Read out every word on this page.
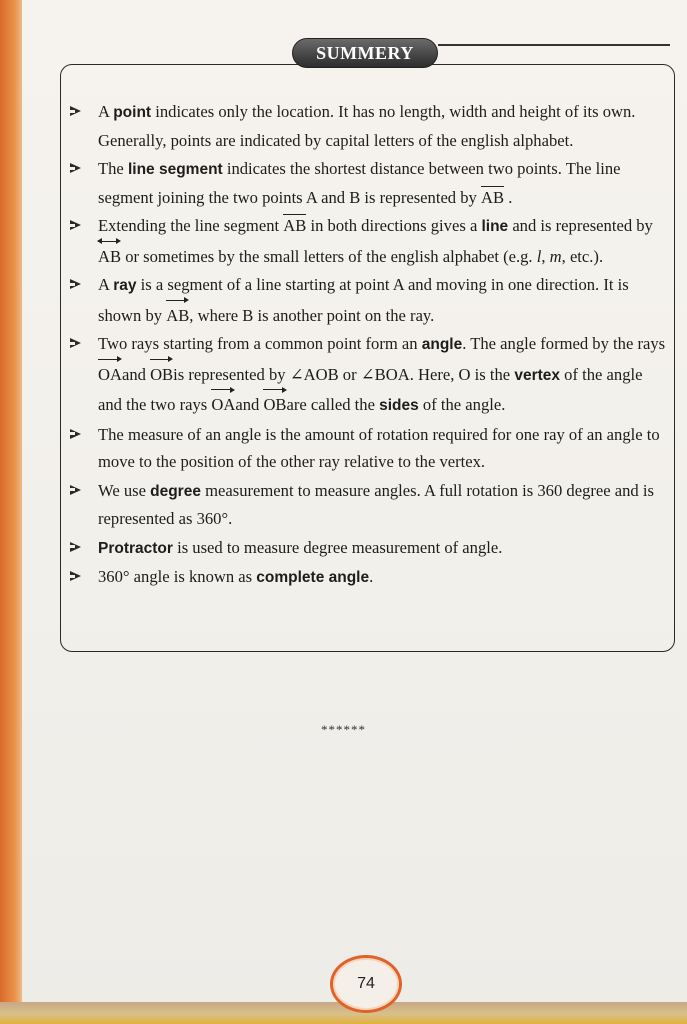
SUMMERY
A point indicates only the location. It has no length, width and height of its own. Generally, points are indicated by capital letters of the english alphabet.
The line segment indicates the shortest distance between two points. The line segment joining the two points A and B is represented by AB .
Extending the line segment AB in both directions gives a line and is represented by
AB or sometimes by the small letters of the english alphabet (e.g. l, m, etc.).
A ray is a segment of a line starting at point A and moving in one direction. It is shown by AB, where B is another point on the ray.
Two rays starting from a common point form an angle. The angle formed by the rays OAand OBis represented by ∠AOB or ∠BOA. Here, O is the vertex of the angle and the two rays OAand OBare called the sides of the angle.
The measure of an angle is the amount of rotation required for one ray of an angle to move to the position of the other ray relative to the vertex.
We use degree measurement to measure angles. A full rotation is 360 degree and is represented as 360°.
Protractor is used to measure degree measurement of angle.
360° angle is known as complete angle.
******
74
